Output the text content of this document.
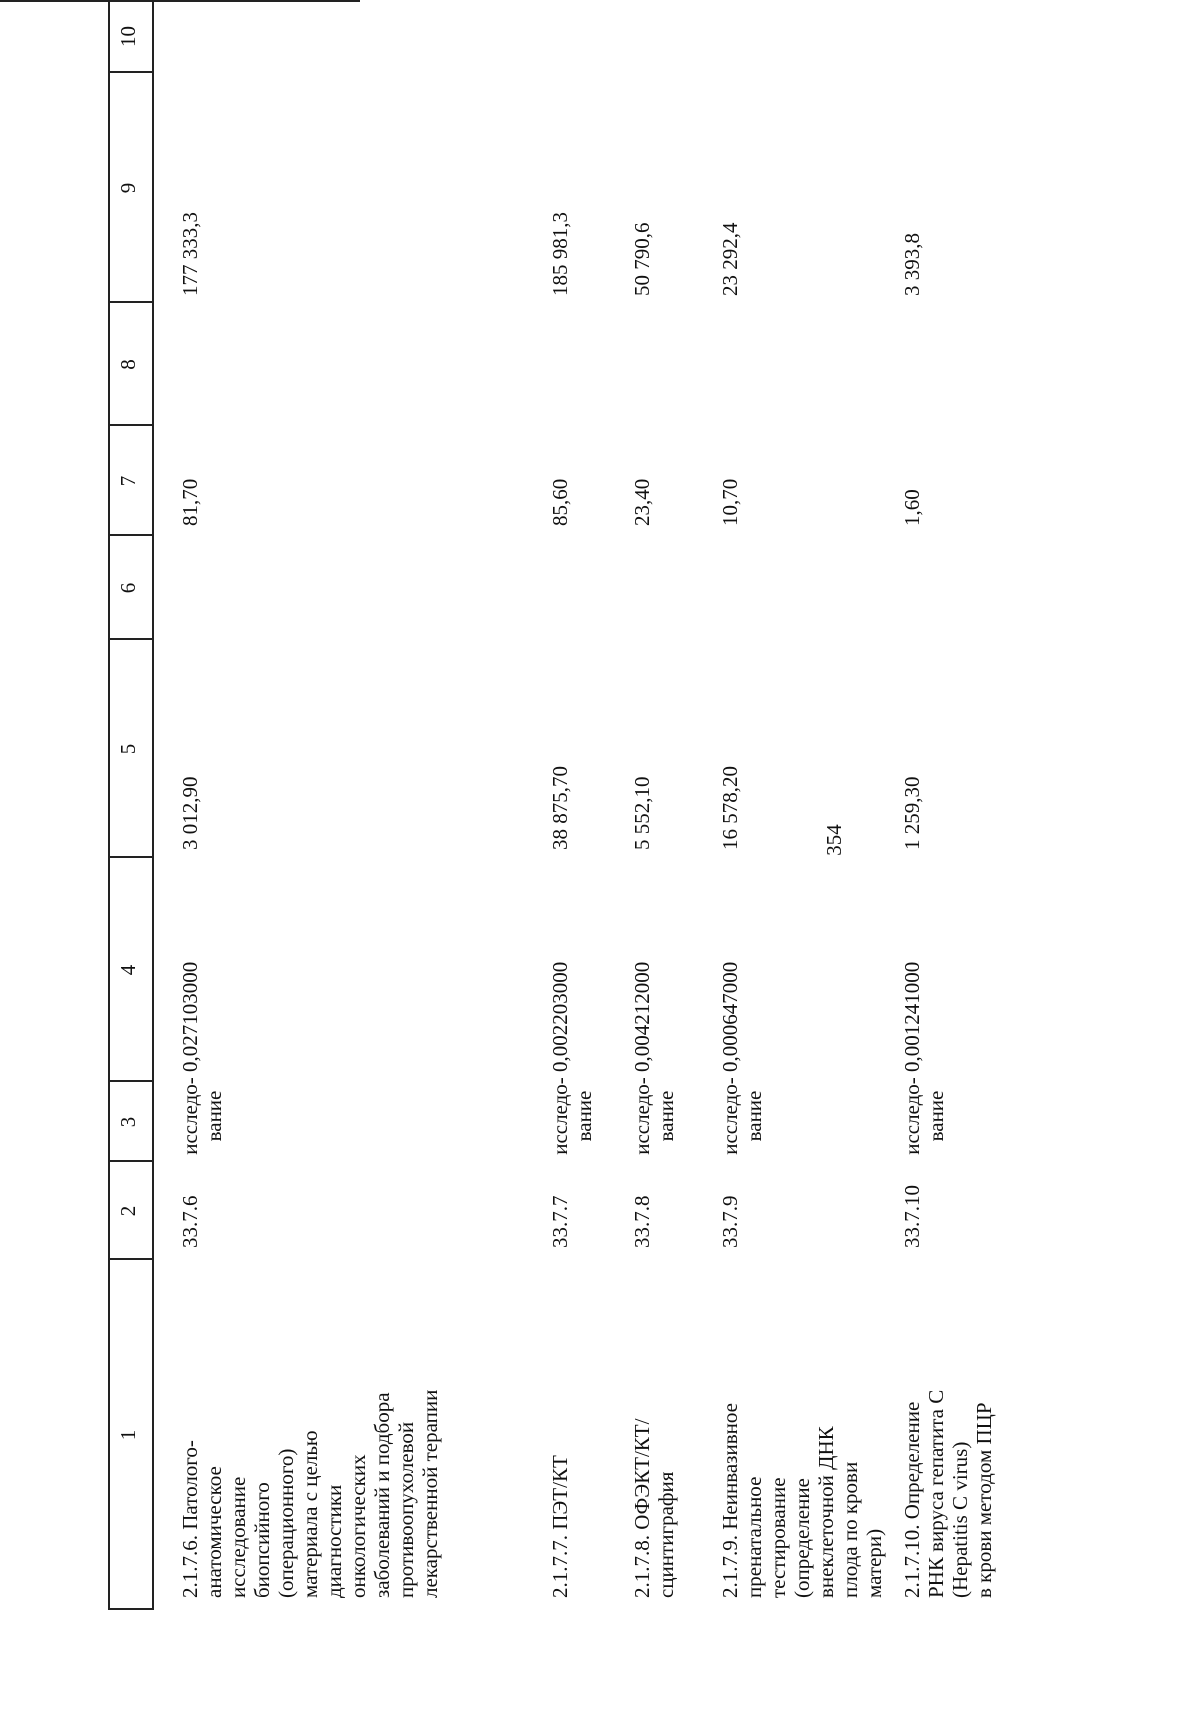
354
1
2
3
4
5
6
7
8
9
10
2.1.7.6. Патолого- анатомическое исследование биопсийного (операционного) материала с целью диагностики онкологических заболеваний и подбора противоопухолевой лекарственной терапии
33.7.6
исследо- вание
0,027103000
3 012,90
81,70
177 333,3
2.1.7.7. ПЭТ/КТ
33.7.7
исследо- вание
0,002203000
38 875,70
85,60
185 981,3
2.1.7.8. ОФЭКТ/КТ/ сцинтиграфия
33.7.8
исследо- вание
0,004212000
5 552,10
23,40
50 790,6
2.1.7.9. Неинвазивное пренатальное тестирование (определение внеклеточной ДНК плода по крови матери)
33.7.9
исследо- вание
0,000647000
16 578,20
10,70
23 292,4
2.1.7.10. Определение РНК вируса гепатита С (Hepatitis C virus) в крови методом ПЦР
33.7.10
исследо- вание
0,001241000
1 259,30
1,60
3 393,8
